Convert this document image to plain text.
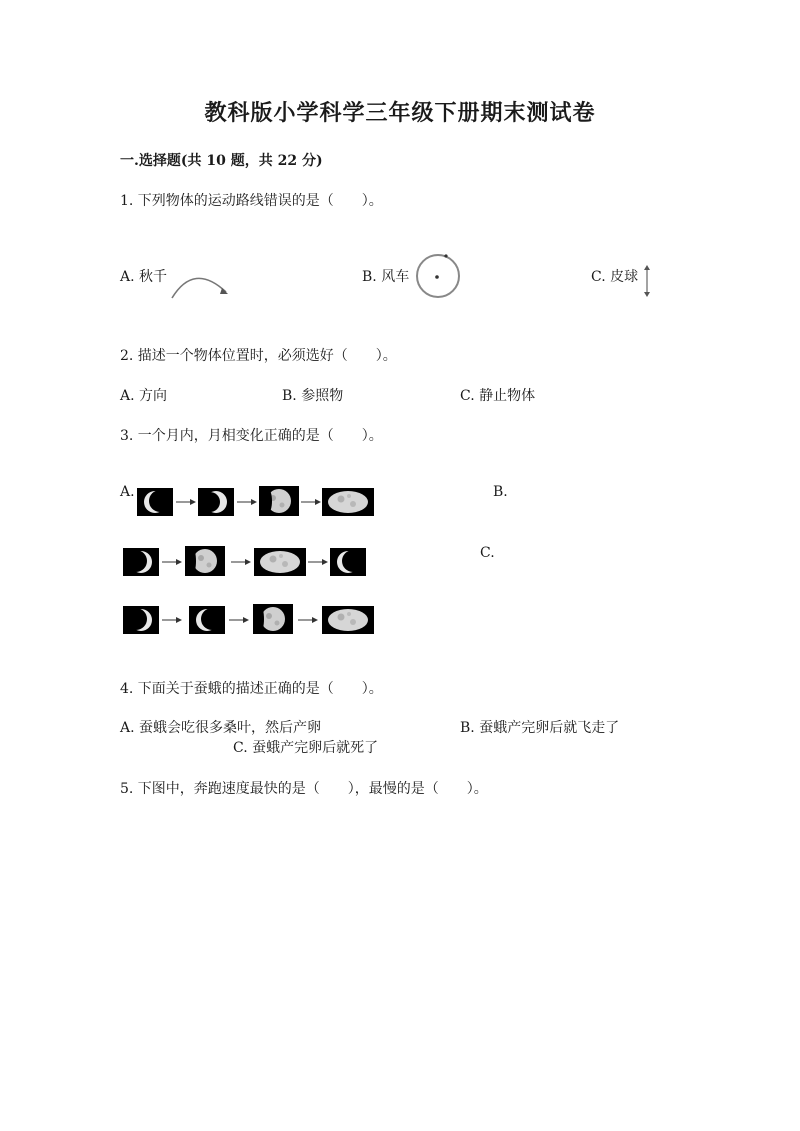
教科版小学科学三年级下册期末测试卷
一.选择题(共 10 题，共 22 分)
1. 下列物体的运动路线错误的是（　　）。
A. 秋千	B. 风车	C. 皮球
2. 描述一个物体位置时，必须选好（　　）。
A. 方向	B. 参照物	C. 静止物体
3. 一个月内，月相变化正确的是（　　）。
A.	B.
C.
4. 下面关于蚕蛾的描述正确的是（　　）。
A. 蚕蛾会吃很多桑叶，然后产卵	B. 蚕蛾产完卵后就飞走了
C. 蚕蛾产完卵后就死了
5. 下图中，奔跑速度最快的是（　　），最慢的是（　　）。
